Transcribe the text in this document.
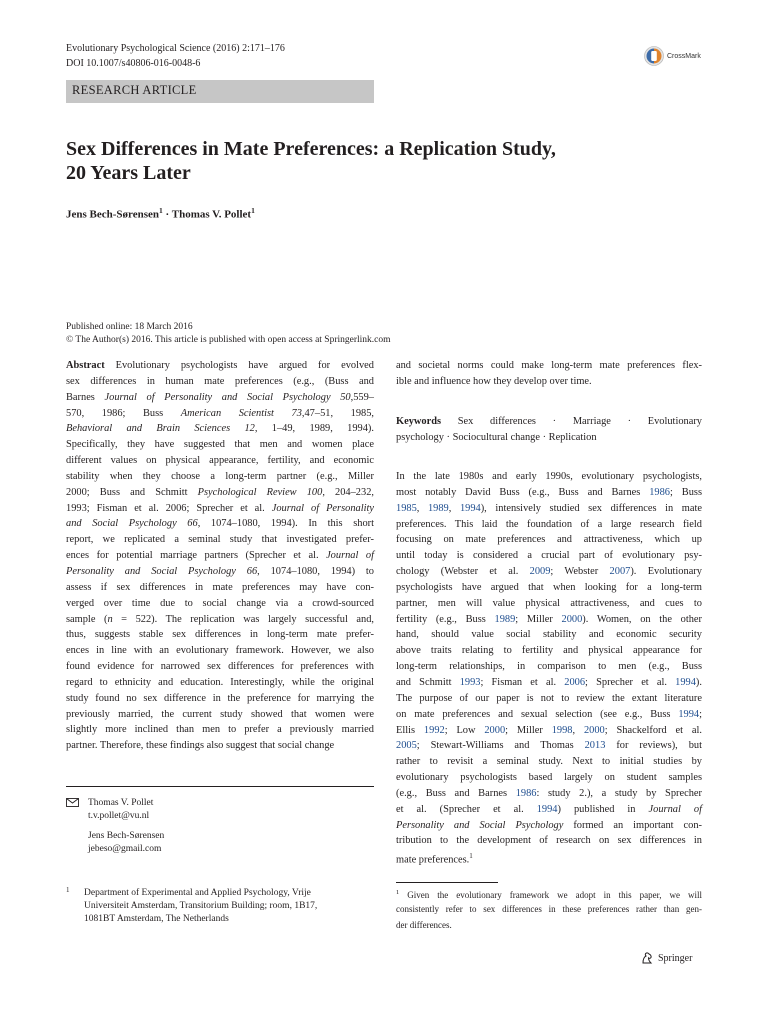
Evolutionary Psychological Science (2016) 2:171–176
DOI 10.1007/s40806-016-0048-6
CrossMark
RESEARCH ARTICLE
Sex Differences in Mate Preferences: a Replication Study,
20 Years Later
Jens Bech-Sørensen$^1$ · Thomas V. Pollet$^1$
Published online: 18 March 2016
© The Author(s) 2016. This article is published with open access at Springerlink.com
Abstract Evolutionary psychologists have argued for evolved
sex differences in human mate preferences (e.g., (Buss and
Barnes Journal of Personality and Social Psychology 50,559–
570, 1986; Buss American Scientist 73,47–51, 1985,
Behavioral and Brain Sciences 12, 1–49, 1989, 1994).
Specifically, they have suggested that men and women place
different values on physical appearance, fertility, and economic
stability when they choose a long-term partner (e.g., Miller
2000; Buss and Schmitt Psychological Review 100, 204–232,
1993; Fisman et al. 2006; Sprecher et al. Journal of Personality
and Social Psychology 66, 1074–1080, 1994). In this short
report, we replicated a seminal study that investigated prefer-
ences for potential marriage partners (Sprecher et al. Journal of
Personality and Social Psychology 66, 1074–1080, 1994) to
assess if sex differences in mate preferences may have con-
verged over time due to social change via a crowd-sourced
sample (n = 522). The replication was largely successful and,
thus, suggests stable sex differences in long-term mate prefer-
ences in line with an evolutionary framework. However, we also
found evidence for narrowed sex differences for preferences with
regard to ethnicity and education. Interestingly, while the original
study found no sex difference in the preference for marrying the
previously married, the current study showed that women were
slightly more inclined than men to prefer a previously married
partner. Therefore, these findings also suggest that social change
Thomas V. Pollet
t.v.pollet@vu.nl
Jens Bech-Sørensen
jebeso@gmail.com
1	Department of Experimental and Applied Psychology, Vrije
Universiteit Amsterdam, Transitorium Building; room, 1B17,
1081BT Amsterdam, The Netherlands
and societal norms could make long-term mate preferences flex-
ible and influence how they develop over time.
Keywords Sex differences · Marriage · Evolutionary
psychology · Sociocultural change · Replication
In the late 1980s and early 1990s, evolutionary psychologists,
most notably David Buss (e.g., Buss and Barnes 1986; Buss
1985, 1989, 1994), intensively studied sex differences in mate
preferences. This laid the foundation of a large research field
focusing on mate preferences and attractiveness, which up
until today is considered a crucial part of evolutionary psy-
chology (Webster et al. 2009; Webster 2007). Evolutionary
psychologists have argued that when looking for a long-term
partner, men will value physical attractiveness, and cues to
fertility (e.g., Buss 1989; Miller 2000). Women, on the other
hand, should value social stability and economic security
above traits relating to fertility and physical appearance for
long-term relationships, in comparison to men (e.g., Buss
and Schmitt 1993; Fisman et al. 2006; Sprecher et al. 1994).
The purpose of our paper is not to review the extant literature
on mate preferences and sexual selection (see e.g., Buss 1994;
Ellis 1992; Low 2000; Miller 1998, 2000; Shackelford et al.
2005; Stewart-Williams and Thomas 2013 for reviews), but
rather to revisit a seminal study. Next to initial studies by
evolutionary psychologists based largely on student samples
(e.g., Buss and Barnes 1986: study 2.), a study by Sprecher
et al. (Sprecher et al. 1994) published in Journal of
Personality and Social Psychology formed an important con-
tribution to the development of research on sex differences in
mate preferences.$^1$
$^1$ Given the evolutionary framework we adopt in this paper, we will
consistently refer to sex differences in these preferences rather than gen-
der differences.
Springer
